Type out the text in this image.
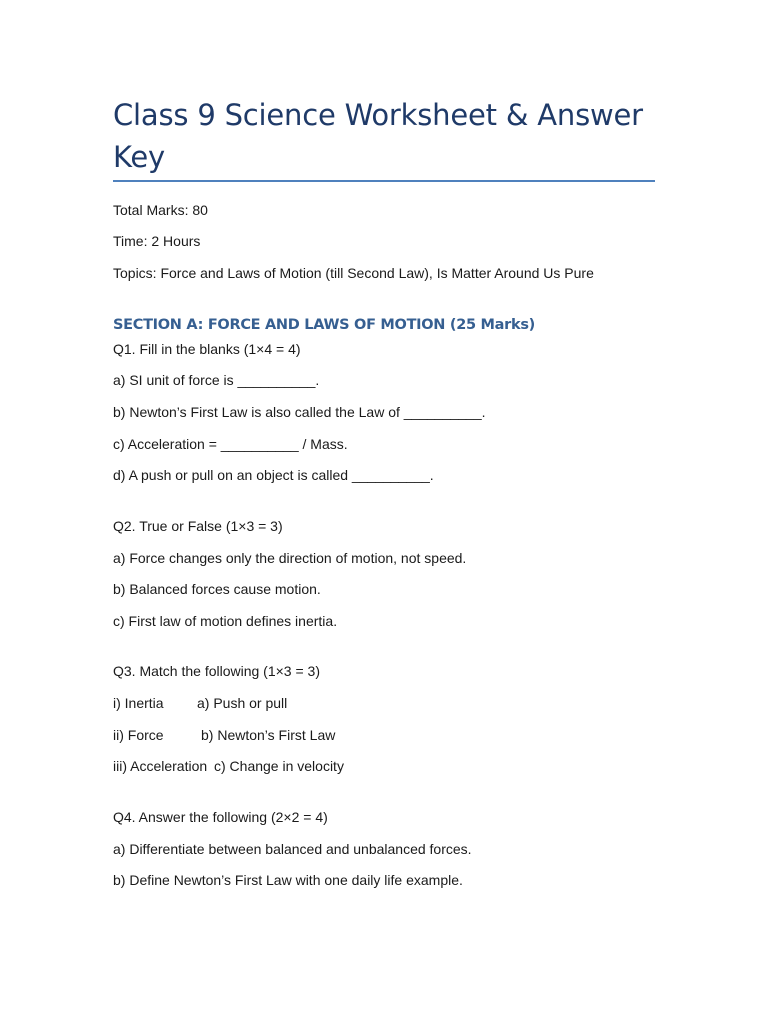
Class 9 Science Worksheet & Answer Key

Total Marks: 80

Time: 2 Hours

Topics: Force and Laws of Motion (till Second Law), Is Matter Around Us Pure

SECTION A: FORCE AND LAWS OF MOTION (25 Marks)

Q1. Fill in the blanks (1×4 = 4)

a) SI unit of force is __________.

b) Newton’s First Law is also called the Law of __________.

c) Acceleration = __________ / Mass.

d) A push or pull on an object is called __________.

Q2. True or False (1×3 = 3)

a) Force changes only the direction of motion, not speed.

b) Balanced forces cause motion.

c) First law of motion defines inertia.

Q3. Match the following (1×3 = 3)

i) Inertia a) Push or pull

ii) Force	b) Newton’s First Law

iii) Acceleration c) Change in velocity

Q4. Answer the following (2×2 = 4)

a) Differentiate between balanced and unbalanced forces.

b) Define Newton’s First Law with one daily life example.
